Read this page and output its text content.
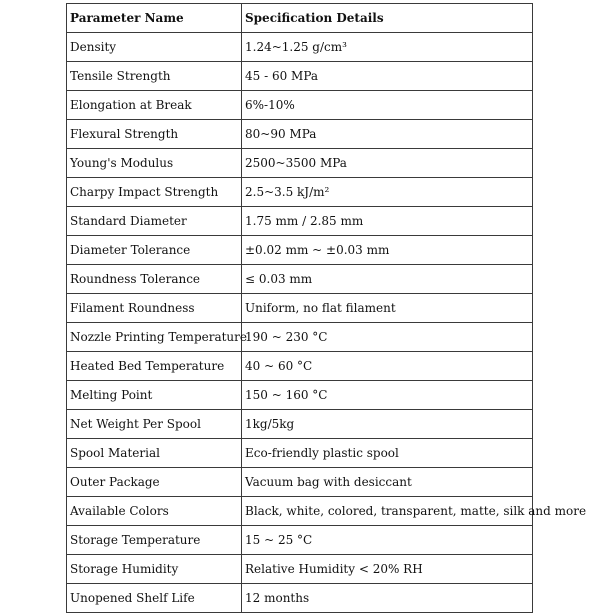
Parameter Name	Specification Details
Density	1.24~1.25 g/cm³
Tensile Strength	45 - 60 MPa
Elongation at Break	6%-10%
Flexural Strength	80~90 MPa
Young's Modulus	2500~3500 MPa
Charpy Impact Strength	2.5~3.5 kJ/m²
Standard Diameter	1.75 mm / 2.85 mm
Diameter Tolerance	±0.02 mm ~ ±0.03 mm
Roundness Tolerance	≤ 0.03 mm
Filament Roundness	Uniform, no flat filament
Nozzle Printing Temperature	190 ~ 230 °C
Heated Bed Temperature	40 ~ 60 °C
Melting Point	150 ~ 160 °C
Net Weight Per Spool	1kg/5kg
Spool Material	Eco-friendly plastic spool
Outer Package	Vacuum bag with desiccant
Available Colors	Black, white, colored, transparent, matte, silk and more
Storage Temperature	15 ~ 25 °C
Storage Humidity	Relative Humidity < 20% RH
Unopened Shelf Life	12 months
